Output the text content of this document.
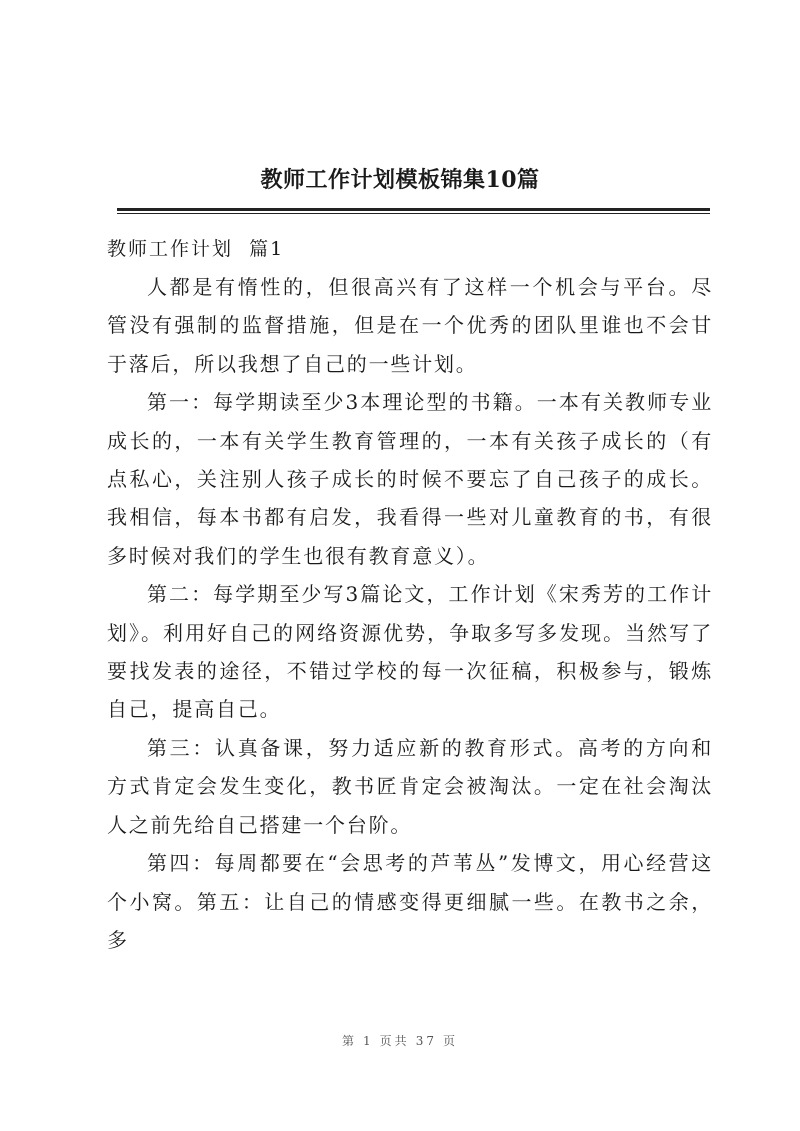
教师工作计划模板锦集10篇
教师工作计划  篇1

人都是有惰性的，但很高兴有了这样一个机会与平台。尽管没有强制的监督措施，但是在一个优秀的团队里谁也不会甘于落后，所以我想了自己的一些计划。

第一：每学期读至少3本理论型的书籍。一本有关教师专业成长的，一本有关学生教育管理的，一本有关孩子成长的（有点私心，关注别人孩子成长的时候不要忘了自己孩子的成长。我相信，每本书都有启发，我看得一些对儿童教育的书，有很多时候对我们的学生也很有教育意义）。

第二：每学期至少写3篇论文，工作计划《宋秀芳的工作计划》。利用好自己的网络资源优势，争取多写多发现。当然写了要找发表的途径，不错过学校的每一次征稿，积极参与，锻炼自己，提高自己。

第三：认真备课，努力适应新的教育形式。高考的方向和方式肯定会发生变化，教书匠肯定会被淘汰。一定在社会淘汰人之前先给自己搭建一个台阶。

第四：每周都要在“会思考的芦苇丛”发博文，用心经营这个小窝。第五：让自己的情感变得更细腻一些。在教书之余，多

第 1 页共 37 页
